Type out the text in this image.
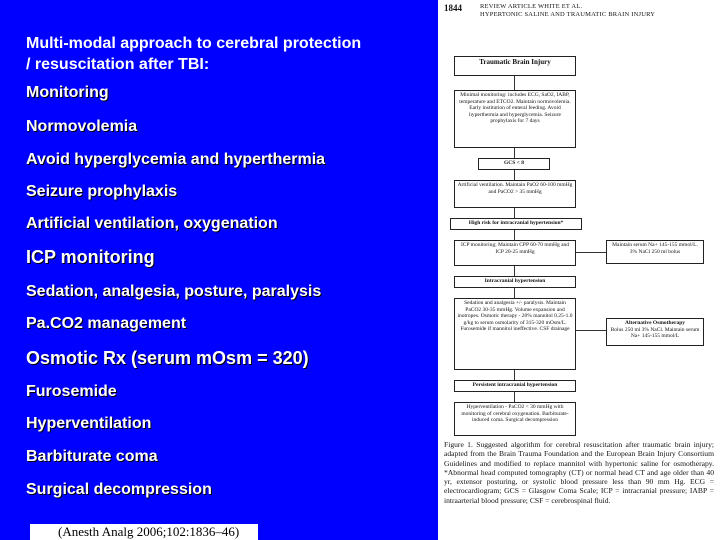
Multi-modal approach to cerebral protection
/ resuscitation after TBI:
Monitoring
Normovolemia
Avoid hyperglycemia and hyperthermia
Seizure prophylaxis
Artificial ventilation, oxygenation
ICP monitoring
Sedation, analgesia, posture, paralysis
Pa.CO2 management
Osmotic Rx (serum mOsm = 320)
Furosemide
Hyperventilation
Barbiturate coma
Surgical decompression
(Anesth Analg 2006;102:1836–46)
1844	REVIEW ARTICLE WHITE ET AL.
HYPERTONIC SALINE AND TRAUMATIC BRAIN INJURY
Traumatic Brain Injury
Minimal monitoring: includes ECG, SaO2, IABP, temperature and ETCO2. Maintain normovolemia. Early institution of enteral feeding. Avoid hyperthermia and hyperglycemia. Seizure prophylaxis for 7 days
GCS < 8
Artificial ventilation. Maintain PaO2 60-100 mmHg and PaCO2 > 35 mmHg
High risk for intracranial hypertension*
ICP monitoring; Maintain CPP 60-70 mmHg and ICP 20-25 mmHg
Maintain serum Na+ 145-155 mmol/L. 3% NaCl 250 ml bolus
Intracranial hypertension
Sedation and analgesia +/- paralysis. Maintain PaCO2 30-35 mmHg. Volume expansion and inotropes. Osmotic therapy - 20% mannitol 0.25-1.0 g/kg to serum osmolarity of 315-320 mOsm/L. Furosemide if mannitol ineffective. CSF drainage
Alternative Osmotherapy
Bolus 250 ml 3% NaCl. Maintain serum Na+ 145-155 mmol/L
Persistent intracranial hypertension
Hyperventilation - PaCO2 < 30 mmHg with monitoring of cerebral oxygenation. Barbiturate-induced coma. Surgical decompression
Figure 1. Suggested algorithm for cerebral resuscitation after traumatic brain injury; adapted from the Brain Trauma Foundation and the European Brain Injury Consortium Guidelines and modified to replace mannitol with hypertonic saline for osmotherapy. *Abnormal head computed tomography (CT) or normal head CT and age older than 40 yr, extensor posturing, or systolic blood pressure less than 90 mm Hg. ECG = electrocardiogram; GCS = Glasgow Coma Scale; ICP = intracranial pressure; IABP = intraarterial blood pressure; CSF = cerebrospinal fluid.
